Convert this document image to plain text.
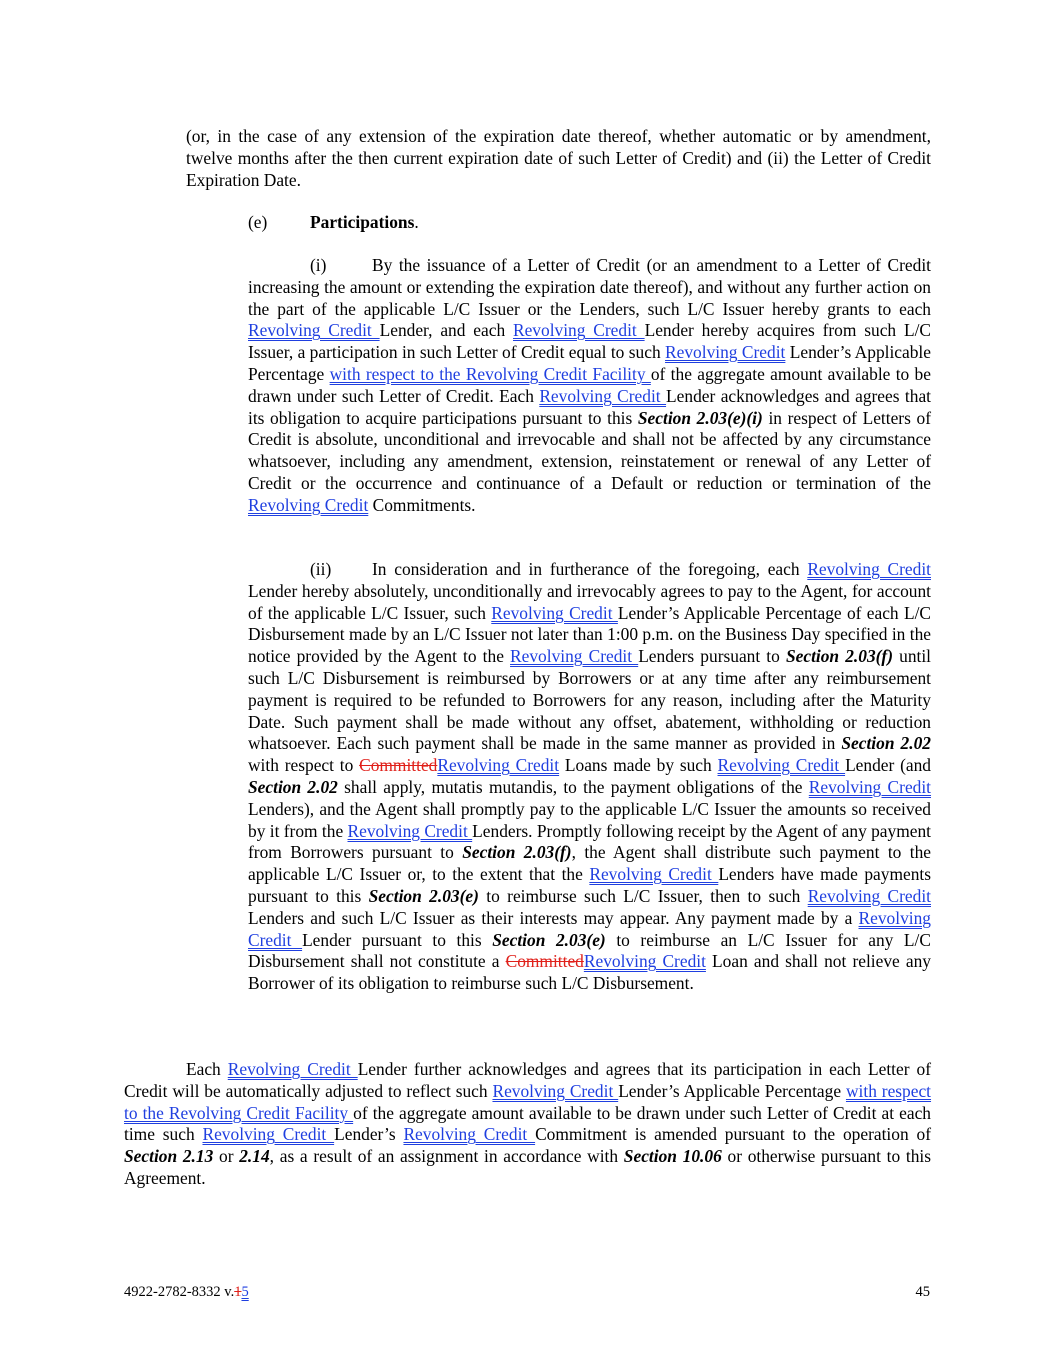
(or, in the case of any extension of the expiration date thereof, whether automatic or by amendment, twelve months after the then current expiration date of such Letter of Credit) and (ii) the Letter of Credit Expiration Date.
(e) Participations.
(i)	By the issuance of a Letter of Credit (or an amendment to a Letter of Credit increasing the amount or extending the expiration date thereof), and without any further action on the part of the applicable L/C Issuer or the Lenders, such L/C Issuer hereby grants to each Revolving Credit Lender, and each Revolving Credit Lender hereby acquires from such L/C Issuer, a participation in such Letter of Credit equal to such Revolving Credit Lender’s Applicable Percentage with respect to the Revolving Credit Facility of the aggregate amount available to be drawn under such Letter of Credit. Each Revolving Credit Lender acknowledges and agrees that its obligation to acquire participations pursuant to this Section 2.03(e)(i) in respect of Letters of Credit is absolute, unconditional and irrevocable and shall not be affected by any circumstance whatsoever, including any amendment, extension, reinstatement or renewal of any Letter of Credit or the occurrence and continuance of a Default or reduction or termination of the Revolving Credit Commitments.
(ii) In consideration and in furtherance of the foregoing, each Revolving Credit Lender hereby absolutely, unconditionally and irrevocably agrees to pay to the Agent, for account of the applicable L/C Issuer, such Revolving Credit Lender’s Applicable Percentage of each L/C Disbursement made by an L/C Issuer not later than 1:00 p.m. on the Business Day specified in the notice provided by the Agent to the Revolving Credit Lenders pursuant to Section 2.03(f) until such L/C Disbursement is reimbursed by Borrowers or at any time after any reimbursement payment is required to be refunded to Borrowers for any reason, including after the Maturity Date. Such payment shall be made without any offset, abatement, withholding or reduction whatsoever. Each such payment shall be made in the same manner as provided in Section 2.02 with respect to CommittedRevolving Credit Loans made by such Revolving Credit Lender (and Section 2.02 shall apply, mutatis mutandis, to the payment obligations of the Revolving Credit Lenders), and the Agent shall promptly pay to the applicable L/C Issuer the amounts so received by it from the Revolving Credit Lenders. Promptly following receipt by the Agent of any payment from Borrowers pursuant to Section 2.03(f), the Agent shall distribute such payment to the applicable L/C Issuer or, to the extent that the Revolving Credit Lenders have made payments pursuant to this Section 2.03(e) to reimburse such L/C Issuer, then to such Revolving Credit Lenders and such L/C Issuer as their interests may appear. Any payment made by a Revolving Credit Lender pursuant to this Section 2.03(e) to reimburse an L/C Issuer for any L/C Disbursement shall not constitute a CommittedRevolving Credit Loan and shall not relieve any Borrower of its obligation to reimburse such L/C Disbursement.
Each Revolving Credit Lender further acknowledges and agrees that its participation in each Letter of Credit will be automatically adjusted to reflect such Revolving Credit Lender’s Applicable Percentage with respect to the Revolving Credit Facility of the aggregate amount available to be drawn under such Letter of Credit at each time such Revolving Credit Lender’s Revolving Credit Commitment is amended pursuant to the operation of Section 2.13 or 2.14, as a result of an assignment in accordance with Section 10.06 or otherwise pursuant to this Agreement.
4922-2782-8332 v.15	45
